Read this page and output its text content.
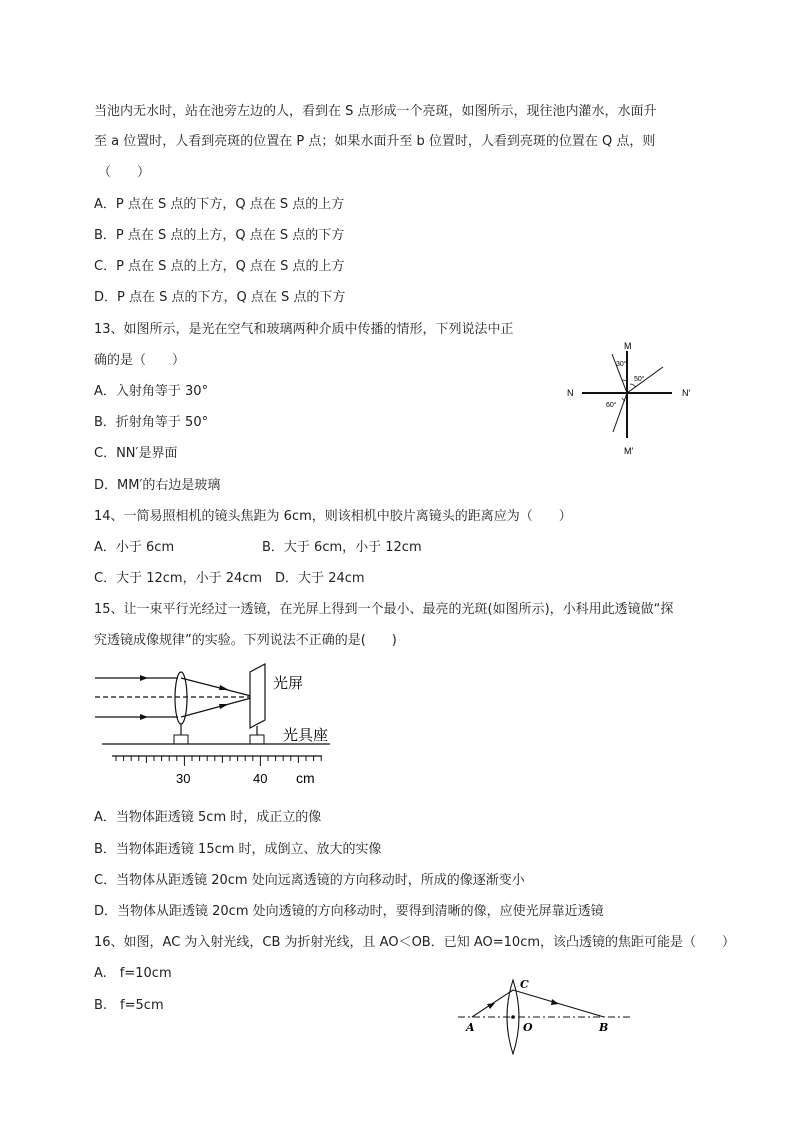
当池内无水时，站在池旁左边的人，看到在 S 点形成一个亮斑，如图所示，现往池内灌水，水面升
至 a 位置时，人看到亮斑的位置在 P 点；如果水面升至 b 位置时，人看到亮斑的位置在 Q 点，则
（　　）
A．P 点在 S 点的下方，Q 点在 S 点的上方
B．P 点在 S 点的上方，Q 点在 S 点的下方
C．P 点在 S 点的上方，Q 点在 S 点的上方
D．P 点在 S 点的下方，Q 点在 S 点的下方
13、如图所示，是光在空气和玻璃两种介质中传播的情形，下列说法中正
确的是（　　）
A．入射角等于 30°
B．折射角等于 50°
C．NN′是界面
D．MM′的右边是玻璃
M
M′
N	N′
30°
50°
60°
14、一简易照相机的镜头焦距为 6cm，则该相机中胶片离镜头的距离应为（　　）
A．小于 6cm	B．大于 6cm，小于 12cm
C．大于 12cm，小于 24cm　D．大于 24cm
15、让一束平行光经过一透镜，在光屏上得到一个最小、最亮的光斑(如图所示)，小科用此透镜做“探
究透镜成像规律”的实验。下列说法不正确的是(　　)
光屏
光具座
30	40 cm
A．当物体距透镜 5cm 时，成正立的像
B．当物体距透镜 15cm 时，成倒立、放大的实像
C．当物体从距透镜 20cm 处向远离透镜的方向移动时，所成的像逐渐变小
D．当物体从距透镜 20cm 处向透镜的方向移动时，要得到清晰的像，应使光屏靠近透镜
16、如图，AC 为入射光线，CB 为折射光线，且 AO＜OB．已知 AO=10cm，该凸透镜的焦距可能是（　　）
A.　f=10cm
B.　f=5cm
A	O	B
C
